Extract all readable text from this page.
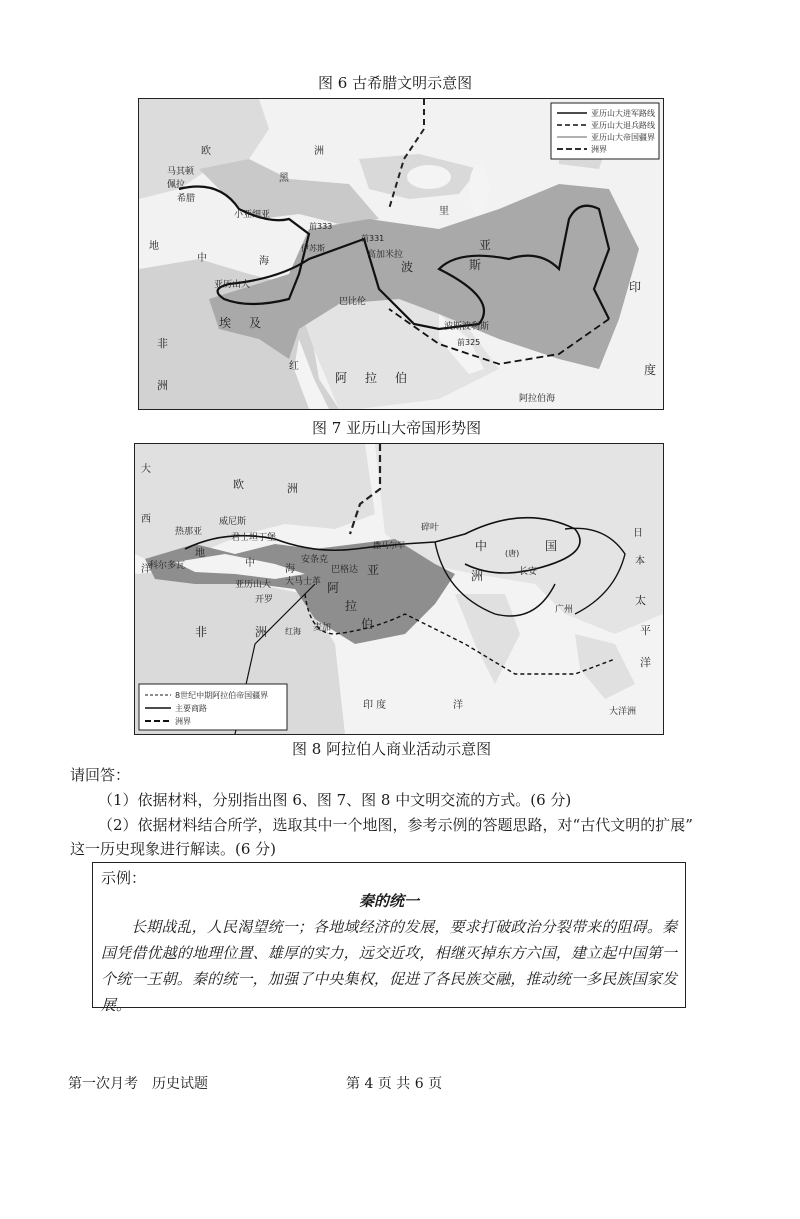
图 6 古希腊文明示意图
亚历山大进军路线
亚历山大退兵路线
亚历山大帝国疆界
洲界
欧	洲
马其顿
佩拉
希腊
小亚细亚
前333
伊苏斯
前331
高加米拉
巴比伦
波	斯
波斯波利斯
前325
亚历山大
埃 及
非
洲
地
中	海
红
阿 拉 伯
亚
印
度
阿拉伯海
黑
里
图 7 亚历山大帝国形势图
8世纪中期阿拉伯帝国疆界
主要商路
洲界
大
西
洋
欧	洲
威尼斯
热那亚
君士坦丁堡
科尔多瓦
地
中
海
安条克
大马士革
巴格达
亚历山大
开罗
红海 麦加
阿
拉
伯
撒马尔罕
碎叶
中
(唐)
国
长安
洲
亚
广州
非	洲
印 度	洋
太
平
洋
大洋洲
日
本
图 8 阿拉伯人商业活动示意图
请回答：
（1）依据材料，分别指出图 6、图 7、图 8 中文明交流的方式。(6 分)
（2）依据材料结合所学，选取其中一个地图，参考示例的答题思路，对“古代文明的扩展”
这一历史现象进行解读。(6 分)
示例：
秦的统一
长期战乱，人民渴望统一；各地域经济的发展，要求打破政治分裂带来的阻碍。秦国凭借优越的地理位置、雄厚的实力，远交近攻，相继灭掉东方六国，建立起中国第一个统一王朝。秦的统一，加强了中央集权，促进了各民族交融，推动统一多民族国家发展。
第一次月考　历史试题	第 4 页 共 6 页
